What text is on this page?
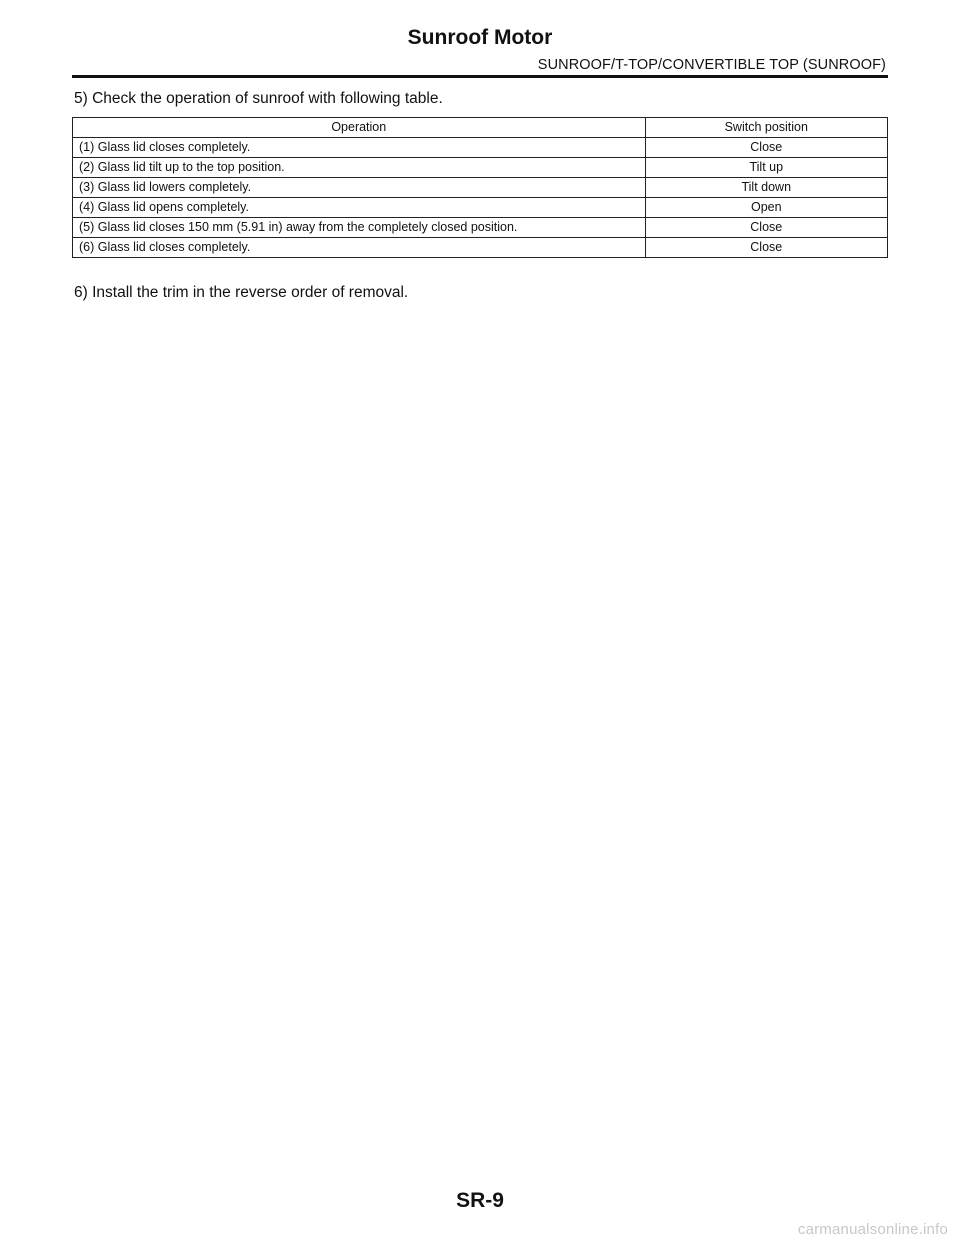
Sunroof Motor
SUNROOF/T-TOP/CONVERTIBLE TOP (SUNROOF)
5) Check the operation of sunroof with following table.
Operation	Switch position
(1) Glass lid closes completely.	Close
(2) Glass lid tilt up to the top position.	Tilt up
(3) Glass lid lowers completely.	Tilt down
(4) Glass lid opens completely.	Open
(5) Glass lid closes 150 mm (5.91 in) away from the completely closed position.	Close
(6) Glass lid closes completely.	Close
6) Install the trim in the reverse order of removal.
SR-9
carmanualsonline.info
